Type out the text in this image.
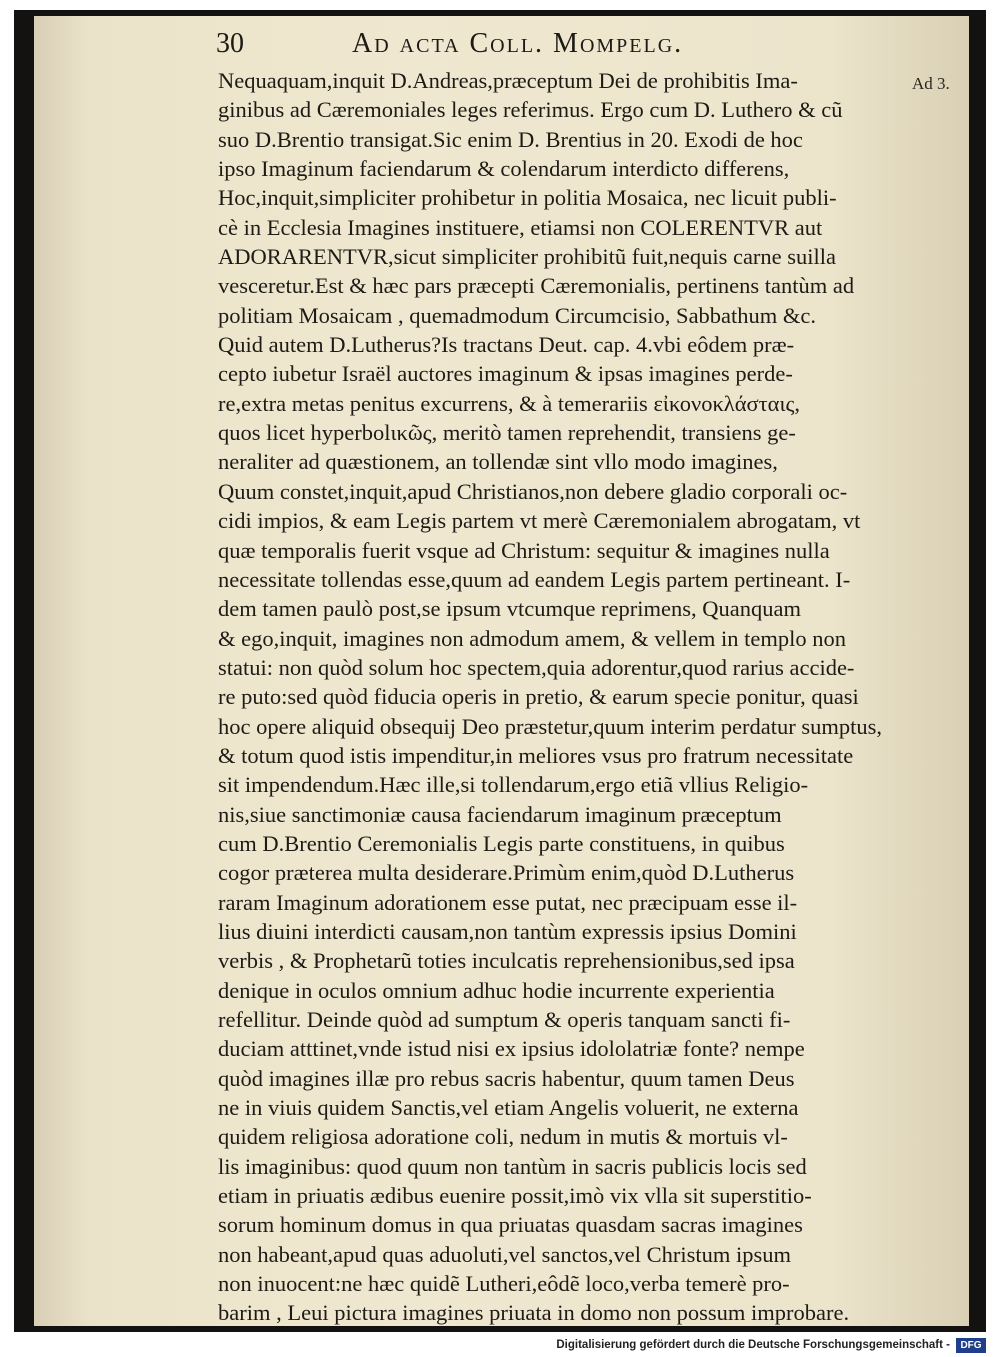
30	Ad acta Coll. Mompelg.
Ad 3.
Nequaquam,inquit D.Andreas,præceptum Dei de prohibitis Ima-
ginibus ad Cæremoniales leges referimus. Ergo cum D. Luthero & cũ
suo D.Brentio transigat.Sic enim D. Brentius in 20. Exodi de hoc
ipso Imaginum faciendarum & colendarum interdicto differens,
Hoc,inquit,simpliciter prohibetur in politia Mosaica, nec licuit publi-
cè in Ecclesia Imagines instituere, etiamsi non COLERENTVR aut
ADORARENTVR,sicut simpliciter prohibitũ fuit,nequis carne suilla
vesceretur.Est & hæc pars præcepti Cæremonialis, pertinens tantùm ad
politiam Mosaicam , quemadmodum Circumcisio, Sabbathum &c.
Quid autem D.Lutherus?Is tractans Deut. cap. 4.vbi eôdem præ-
cepto iubetur Israël auctores imaginum & ipsas imagines perde-
re,extra metas penitus excurrens, & à temerariis εἰκονοκλάσταις,
quos licet hyperbolικῶς, meritò tamen reprehendit, transiens ge-
neraliter ad quæstionem, an tollendæ sint vllo modo imagines,
Quum constet,inquit,apud Christianos,non debere gladio corporali oc-
cidi impios, & eam Legis partem vt merè Cæremonialem abrogatam, vt
quæ temporalis fuerit vsque ad Christum: sequitur & imagines nulla
necessitate tollendas esse,quum ad eandem Legis partem pertineant. I-
dem tamen paulò post,se ipsum vtcumque reprimens, Quanquam
& ego,inquit, imagines non admodum amem, & vellem in templo non
statui: non quòd solum hoc spectem,quia adorentur,quod rarius accide-
re puto:sed quòd fiducia operis in pretio, & earum specie ponitur, quasi
hoc opere aliquid obsequij Deo præstetur,quum interim perdatur sumptus,
& totum quod istis impenditur,in meliores vsus pro fratrum necessitate
sit impendendum.Hæc ille,si tollendarum,ergo etiã vllius Religio-
nis,siue sanctimoniæ causa faciendarum imaginum præceptum
cum D.Brentio Ceremonialis Legis parte constituens, in quibus
cogor præterea multa desiderare.Primùm enim,quòd D.Lutherus
raram Imaginum adorationem esse putat, nec præcipuam esse il-
lius diuini interdicti causam,non tantùm expressis ipsius Domini
verbis , & Prophetarũ toties inculcatis reprehensionibus,sed ipsa
denique in oculos omnium adhuc hodie incurrente experientia
refellitur. Deinde quòd ad sumptum & operis tanquam sancti fi-
duciam atttinet,vnde istud nisi ex ipsius idololatriæ fonte? nempe
quòd imagines illæ pro rebus sacris habentur, quum tamen Deus
ne in viuis quidem Sanctis,vel etiam Angelis voluerit, ne externa
quidem religiosa adoratione coli, nedum in mutis & mortuis vl-
lis imaginibus: quod quum non tantùm in sacris publicis locis sed
etiam in priuatis ædibus euenire possit,imò vix vlla sit superstitio-
sorum hominum domus in qua priuatas quasdam sacras imagines
non habeant,apud quas aduoluti,vel sanctos,vel Christum ipsum
non inuocent:ne hæc quidẽ Lutheri,eôdẽ loco,verba temerè pro-
barim , Leui pictura imagines priuata in domo non possum improbare.
Digitalisierung gefördert durch die Deutsche Forschungsgemeinschaft -	DFG
